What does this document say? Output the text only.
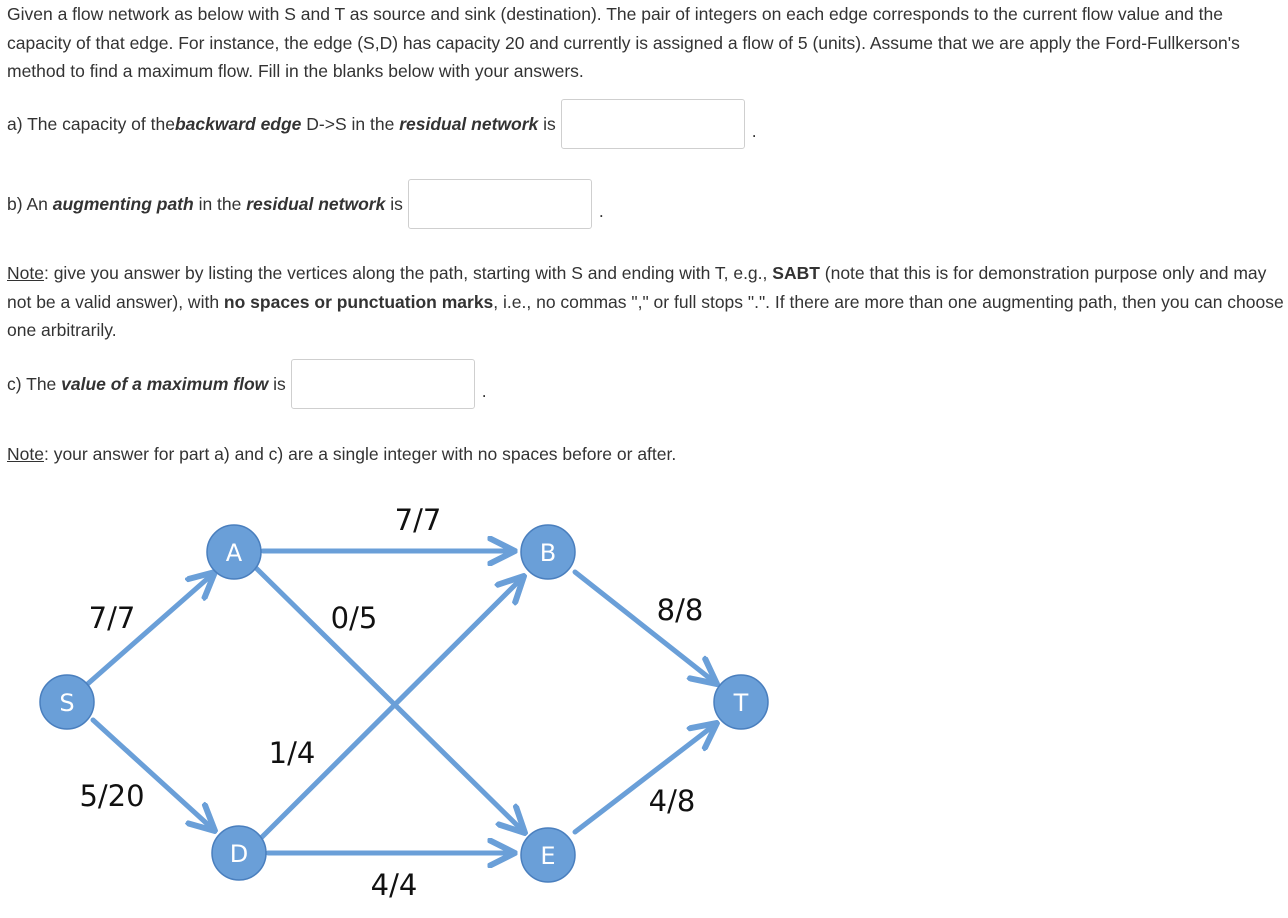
Given a flow network as below with S and T as source and sink (destination). The pair of integers on each edge corresponds to the current flow value and the capacity of that edge. For instance, the edge (S,D) has capacity 20 and currently is assigned a flow of 5 (units). Assume that we are apply the Ford-Fullkerson's method to find a maximum flow. Fill in the blanks below with your answers.

a) The capacity of the backward edge D->S in the residual network is	.
b) An augmenting path in the residual network is	.

Note: give you answer by listing the vertices along the path, starting with S and ending with T, e.g., SABT (note that this is for demonstration purpose only and may not be a valid answer), with no spaces or punctuation marks, i.e., no commas "," or full stops ".". If there are more than one augmenting path, then you can choose one arbitrarily.

c) The value of a maximum flow is	.

Note: your answer for part a) and c) are a single integer with no spaces before or after.

S
A	B
D	E
T
7/7
5/20
7/7
0/5
1/4
4/4
8/8
4/8
